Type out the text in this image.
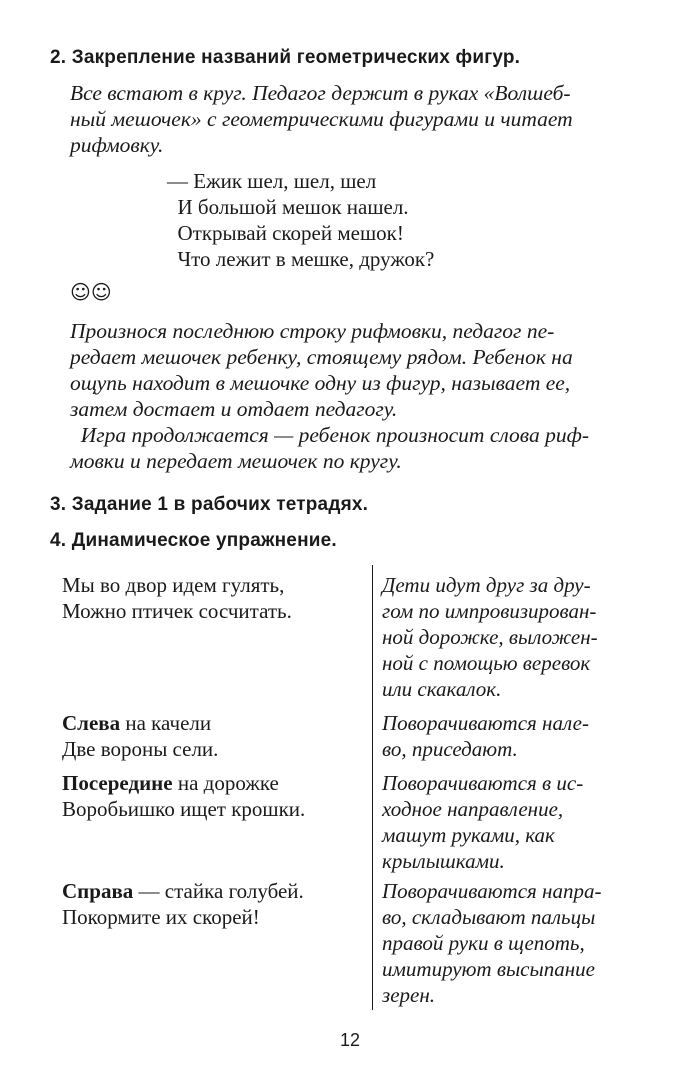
2. Закрепление названий геометрических фигур.
Все встают в круг. Педагог держит в руках «Волшеб-
ный мешочек» с геометрическими фигурами и читает
рифмовку.
— Ежик шел, шел, шел
И большой мешок нашел.
Открывай скорей мешок!
Что лежит в мешке, дружок?
☺☺
Произнося последнюю строку рифмовки, педагог пе-
редает мешочек ребенку, стоящему рядом. Ребенок на
ощупь находит в мешочке одну из фигур, называет ее,
затем достает и отдает педагогу.
Игра продолжается — ребенок произносит слова риф-
мовки и передает мешочек по кругу.
3. Задание 1 в рабочих тетрадях.
4. Динамическое упражнение.
Мы во двор идем гулять,
Можно птичек сосчитать.
Дети идут друг за дру-
гом по импровизирован-
ной дорожке, выложен-
ной с помощью веревок
или скакалок.
Слева на качели
Две вороны сели.
Поворачиваются нале-
во, приседают.
Посередине на дорожке
Воробьишко ищет крошки.
Поворачиваются в ис-
ходное направление,
машут руками, как
крылышками.
Справа — стайка голубей.
Покормите их скорей!
Поворачиваются напра-
во, складывают пальцы
правой руки в щепоть,
имитируют высыпание
зерен.
12
